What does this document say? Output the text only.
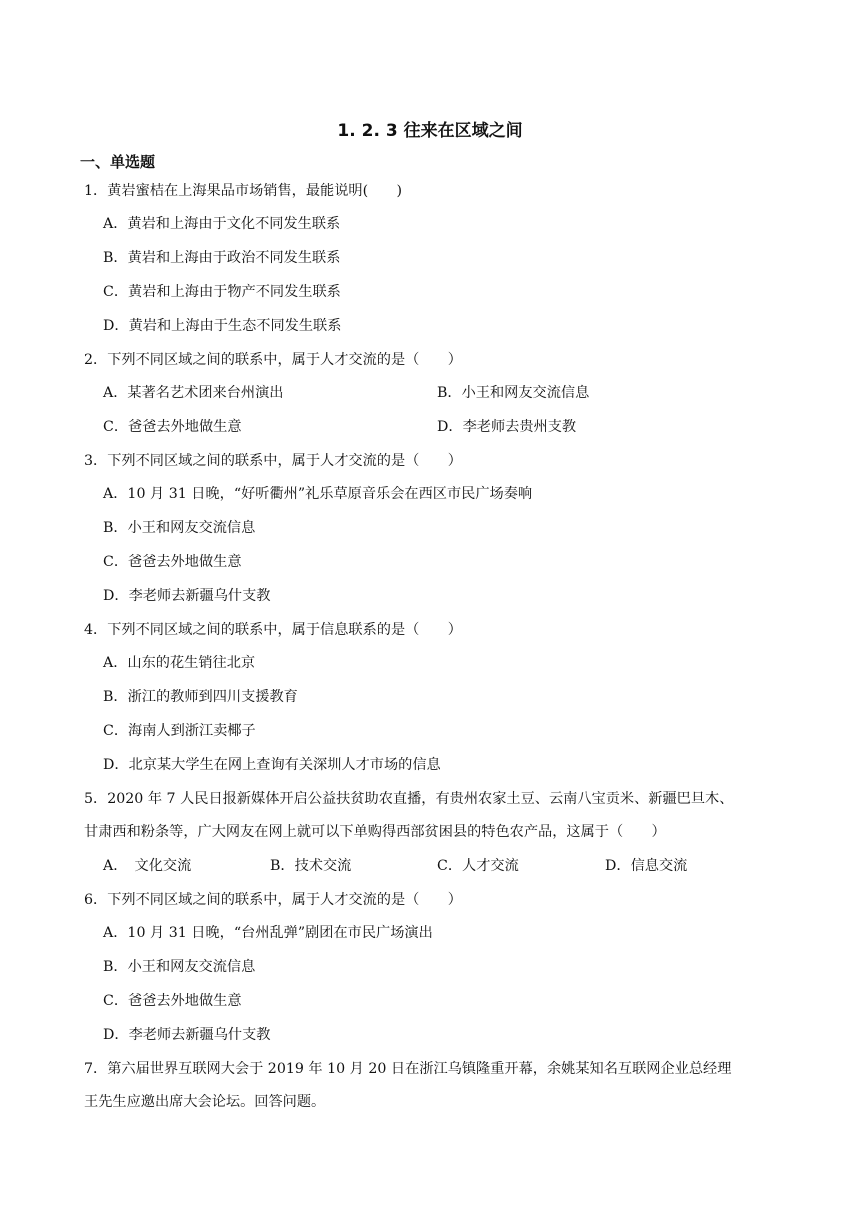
1. 2. 3 往来在区域之间
一、单选题
1．黄岩蜜桔在上海果品市场销售，最能说明(　　)
A．黄岩和上海由于文化不同发生联系
B．黄岩和上海由于政治不同发生联系
C．黄岩和上海由于物产不同发生联系
D．黄岩和上海由于生态不同发生联系
2．下列不同区域之间的联系中，属于人才交流的是（　　）
A．某著名艺术团来台州演出	B．小王和网友交流信息
C．爸爸去外地做生意	D．李老师去贵州支教
3．下列不同区域之间的联系中，属于人才交流的是（　　）
A．10 月 31 日晚，“好听衢州”礼乐草原音乐会在西区市民广场奏响
B．小王和网友交流信息
C．爸爸去外地做生意
D．李老师去新疆乌什支教
4．下列不同区域之间的联系中，属于信息联系的是（　　）
A．山东的花生销往北京
B．浙江的教师到四川支援教育
C．海南人到浙江卖椰子
D．北京某大学生在网上查询有关深圳人才市场的信息
5．2020 年 7 人民日报新媒体开启公益扶贫助农直播，有贵州农家土豆、云南八宝贡米、新疆巴旦木、
甘肃西和粉条等，广大网友在网上就可以下单购得西部贫困县的特色农产品，这属于（　　）
A．　文化交流	B．技术交流	C．人才交流	D．信息交流
6．下列不同区域之间的联系中，属于人才交流的是（　　）
A．10 月 31 日晚，“台州乱弹”剧团在市民广场演出
B．小王和网友交流信息
C．爸爸去外地做生意
D．李老师去新疆乌什支教
7．第六届世界互联网大会于 2019 年 10 月 20 日在浙江乌镇隆重开幕，余姚某知名互联网企业总经理
王先生应邀出席大会论坛。回答问题。
